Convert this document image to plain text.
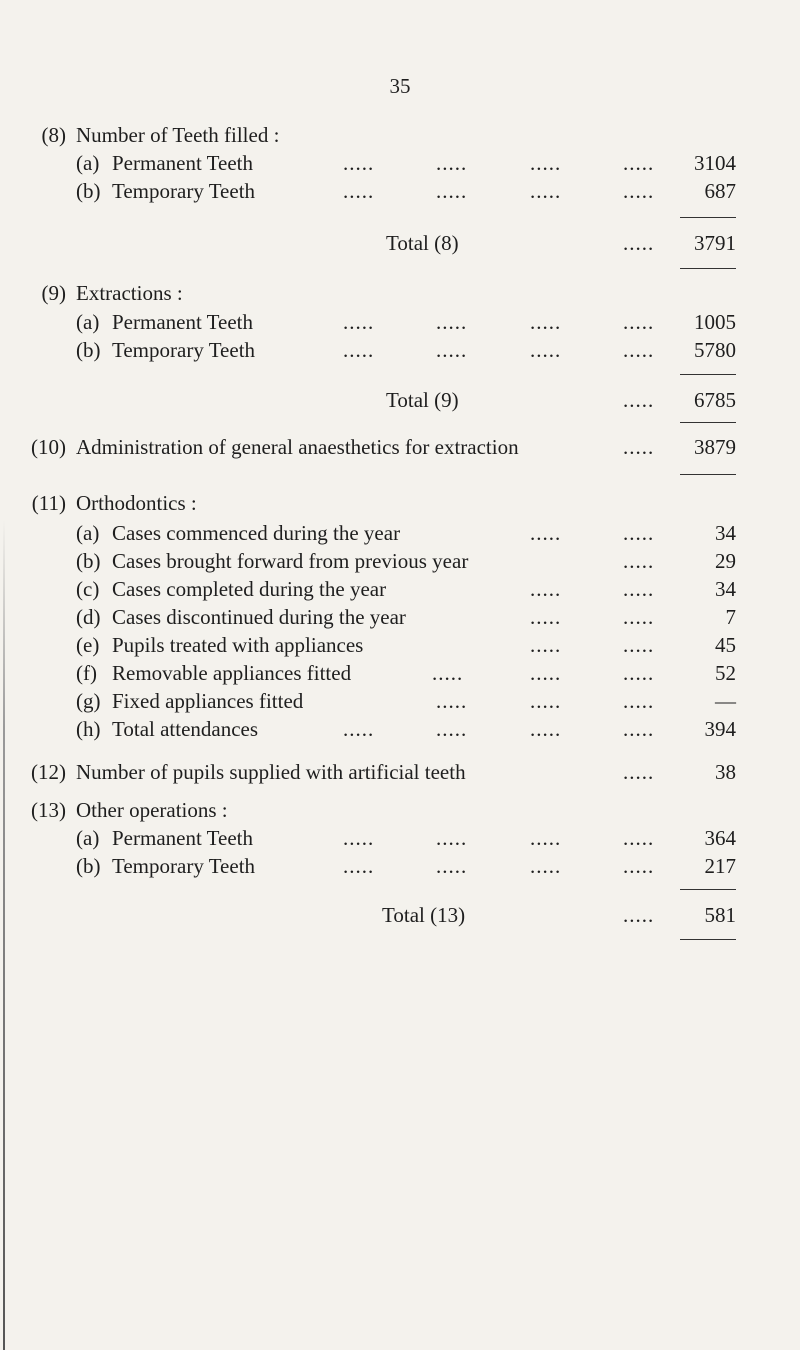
35
(8) Number of Teeth filled :
(a) Permanent Teeth	.....	.....	.....	.....	3104
(b) Temporary Teeth	.....	.....	.....	.....	687
Total (8)	.....	3791
(9) Extractions :
(a) Permanent Teeth	.....	.....	.....	.....	1005
(b) Temporary Teeth	.....	.....	.....	.....	5780
Total (9)	.....	6785
(10) Administration of general anaesthetics for extraction	.....	3879
(11) Orthodontics :
(a) Cases commenced during the year	.....	.....	34
(b) Cases brought forward from previous year	.....	29
(c) Cases completed during the year	.....	.....	34
(d) Cases discontinued during the year	.....	.....	7
(e) Pupils treated with appliances	.....	.....	45
(f) Removable appliances fitted	.....	.....	.....	52
(g) Fixed appliances fitted	.....	.....	.....	—
(h) Total attendances	.....	.....	.....	.....	394
(12) Number of pupils supplied with artificial teeth	.....	38
(13) Other operations :
(a) Permanent Teeth	.....	.....	.....	.....	364
(b) Temporary Teeth	.....	.....	.....	.....	217
Total (13)	.....	581
